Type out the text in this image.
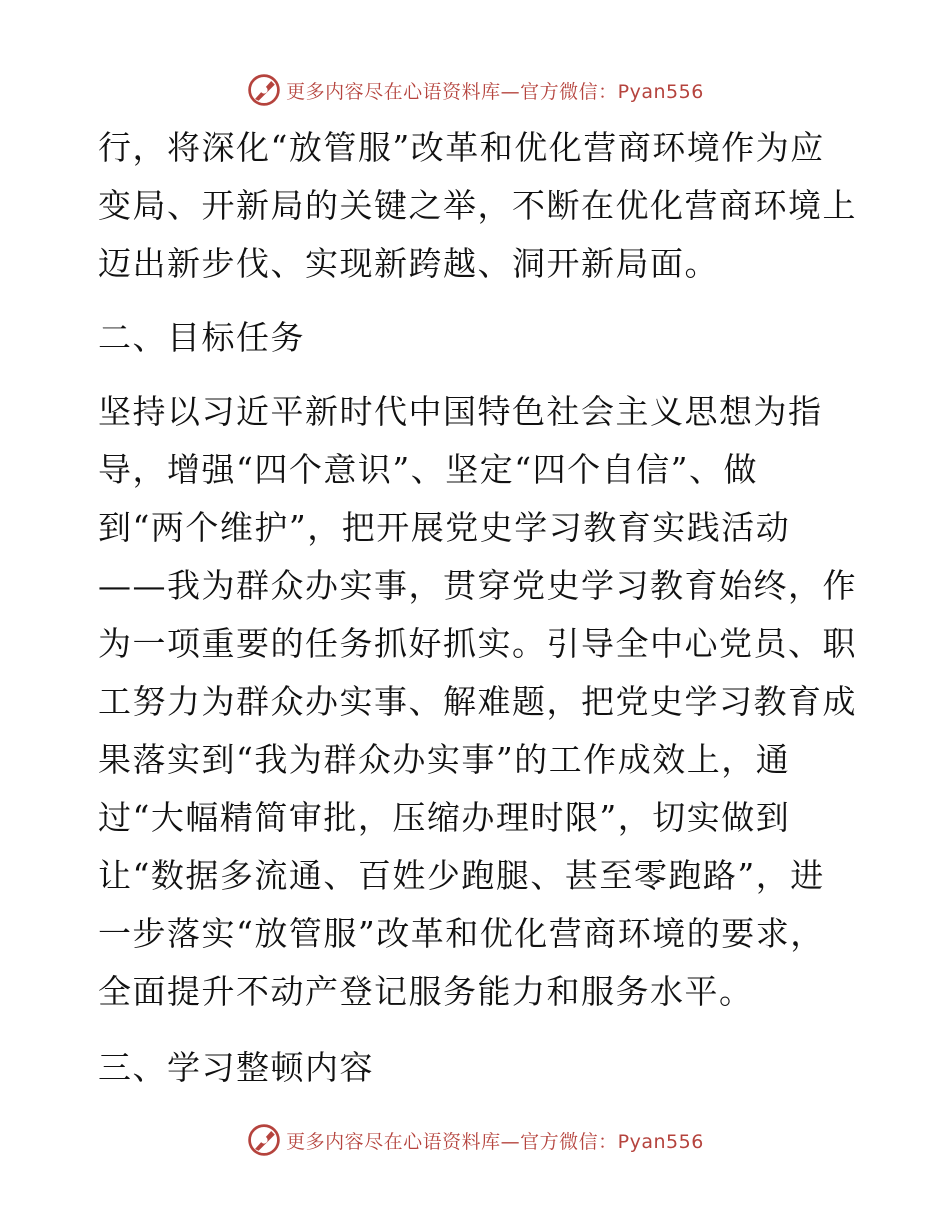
更多内容尽在心语资料库—官方微信：Pyan556
行，将深化“放管服”改革和优化营商环境作为应
变局、开新局的关键之举，不断在优化营商环境上
迈出新步伐、实现新跨越、洞开新局面。
二、目标任务
坚持以习近平新时代中国特色社会主义思想为指
导，增强“四个意识”、坚定“四个自信”、做
到“两个维护”，把开展党史学习教育实践活动
——我为群众办实事，贯穿党史学习教育始终，作
为一项重要的任务抓好抓实。引导全中心党员、职
工努力为群众办实事、解难题，把党史学习教育成
果落实到“我为群众办实事”的工作成效上，通
过“大幅精简审批，压缩办理时限”，切实做到
让“数据多流通、百姓少跑腿、甚至零跑路”，进
一步落实“放管服”改革和优化营商环境的要求，
全面提升不动产登记服务能力和服务水平。
三、学习整顿内容
更多内容尽在心语资料库—官方微信：Pyan556
